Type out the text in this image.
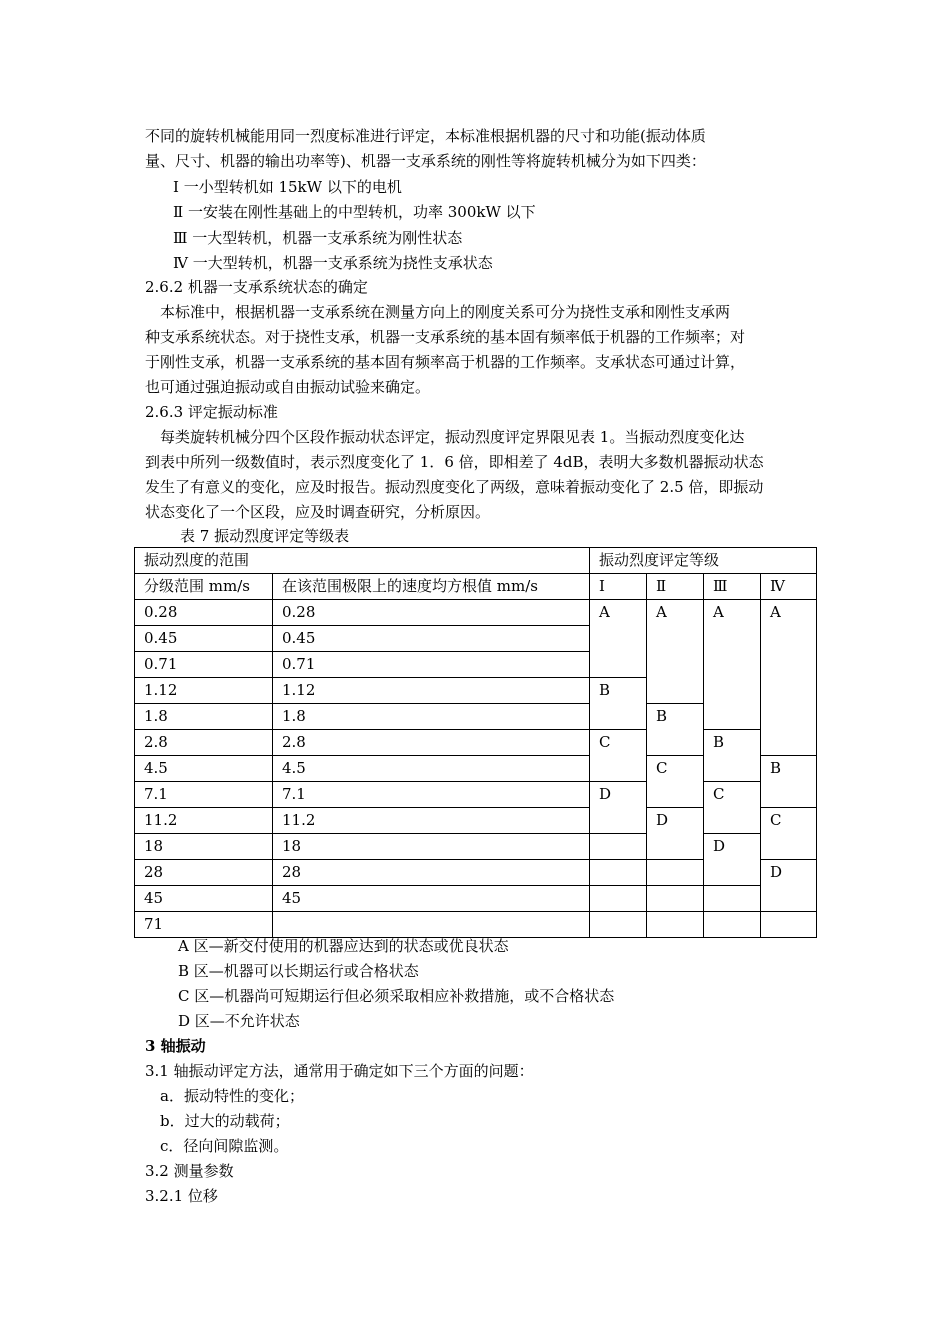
不同的旋转机械能用同一烈度标准进行评定，本标准根据机器的尺寸和功能(振动体质
量、尺寸、机器的输出功率等)、机器一支承系统的刚性等将旋转机械分为如下四类：
Ⅰ 一小型转机如 15kW 以下的电机
Ⅱ 一安装在刚性基础上的中型转机，功率 300kW 以下
Ⅲ 一大型转机，机器一支承系统为刚性状态
Ⅳ 一大型转机，机器一支承系统为挠性支承状态
2.6.2 机器一支承系统状态的确定
本标准中，根据机器一支承系统在测量方向上的刚度关系可分为挠性支承和刚性支承两
种支承系统状态。对于挠性支承，机器一支承系统的基本固有频率低于机器的工作频率；对
于刚性支承，机器一支承系统的基本固有频率高于机器的工作频率。支承状态可通过计算，
也可通过强迫振动或自由振动试验来确定。
2.6.3 评定振动标准
每类旋转机械分四个区段作振动状态评定，振动烈度评定界限见表 1。当振动烈度变化达
到表中所列一级数值时，表示烈度变化了 1．6 倍，即相差了 4dB，表明大多数机器振动状态
发生了有意义的变化，应及时报告。振动烈度变化了两级，意味着振动变化了 2.5 倍，即振动
状态变化了一个区段，应及时调查研究，分析原因。
表 7 振动烈度评定等级表
振动烈度的范围		振动烈度评定等级			
分级范围 mm/s	在该范围极限上的速度均方根值 mm/s	Ⅰ	Ⅱ	Ⅲ	Ⅳ
0.28	0.28	A	A	A	A
0.45	0.45				
0.71	0.71				
1.12	1.12	B			
1.8	1.8		B		
2.8	2.8	C		B	
4.5	4.5		C		B
7.1	7.1	D		C	
11.2	11.2		D		C
18	18			D	
28	28				D
45	45				
71					
A 区—新交付使用的机器应达到的状态或优良状态
B 区—机器可以长期运行或合格状态
C 区—机器尚可短期运行但必须采取相应补救措施，或不合格状态
D 区—不允许状态
3 轴振动
3.1 轴振动评定方法，通常用于确定如下三个方面的问题：
a．振动特性的变化；
b．过大的动载荷；
c．径向间隙监测。
3.2 测量参数
3.2.1 位移
